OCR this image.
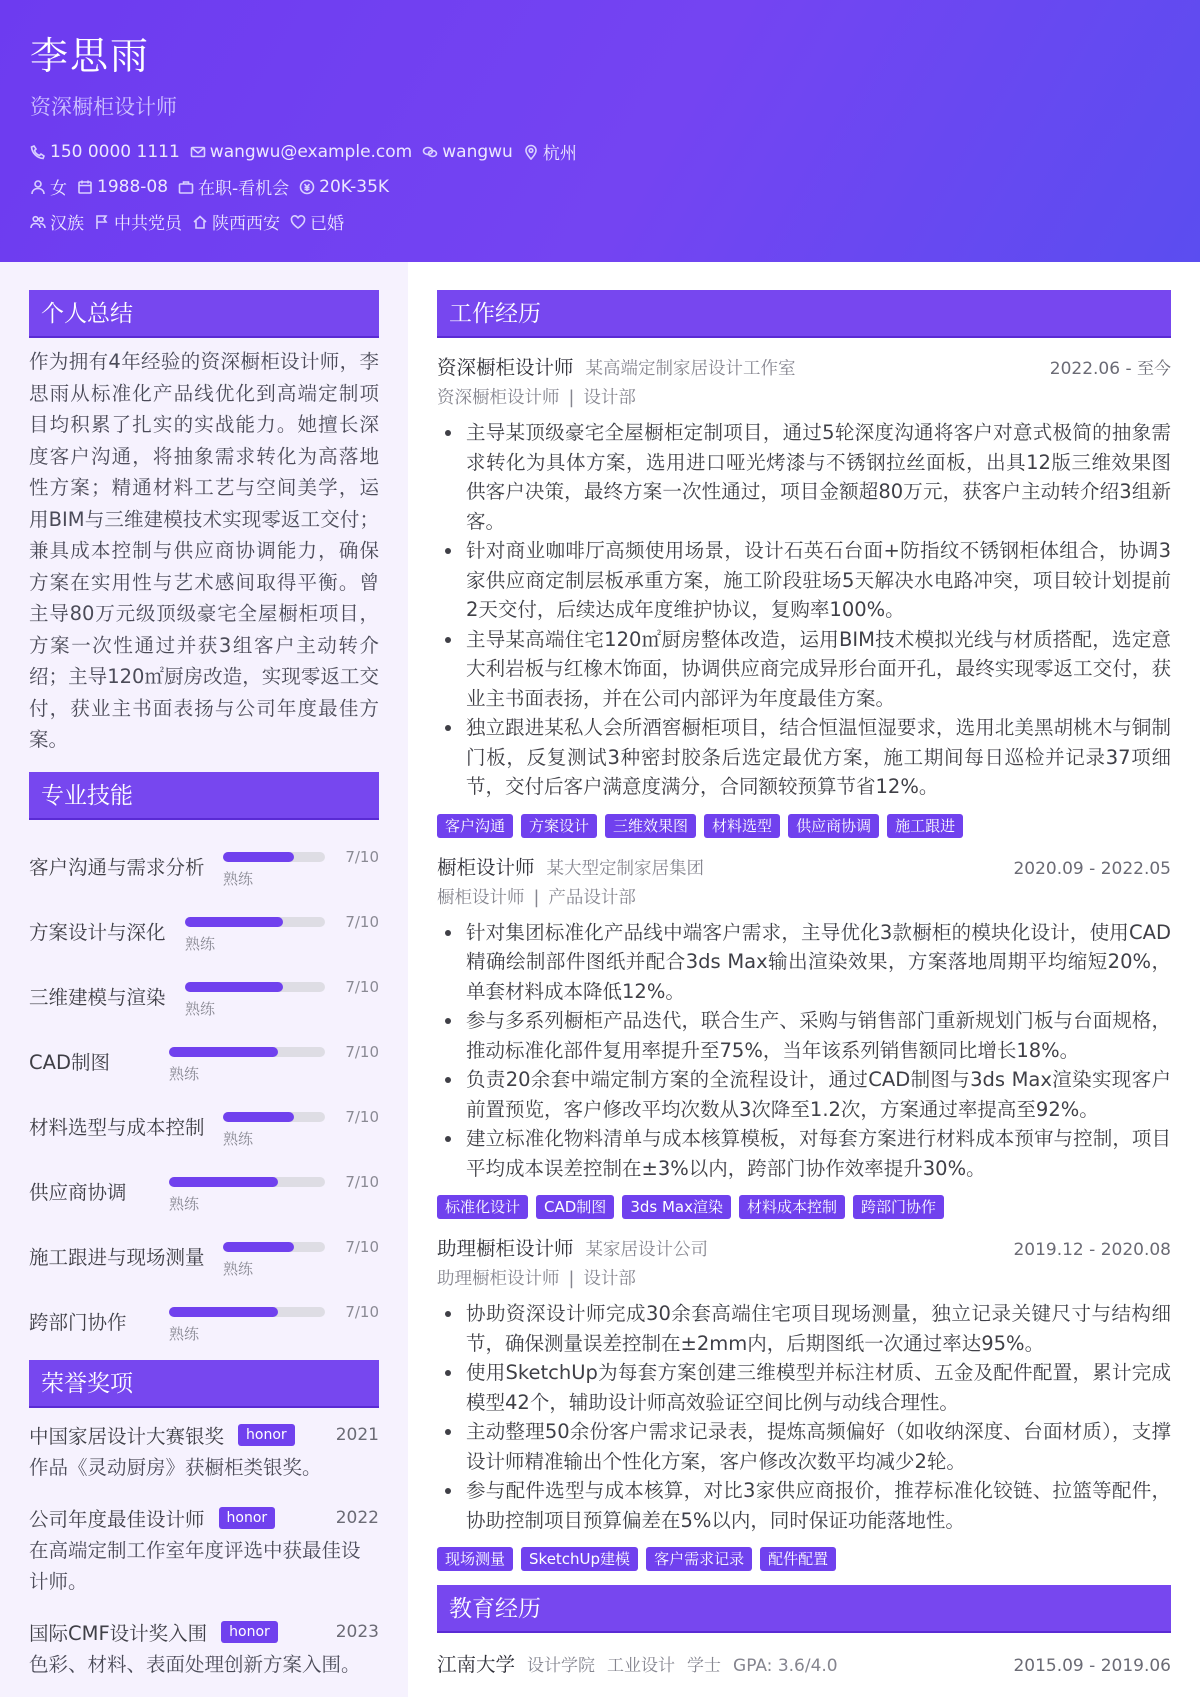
李思雨
资深橱柜设计师
150 0000 1111 wangwu@example.com wangwu 杭州
女 1988-08 在职-看机会 20K-35K
汉族 中共党员 陕西西安 已婚
个人总结
作为拥有4年经验的资深橱柜设计师，李思雨从标准化产品线优化到高端定制项目均积累了扎实的实战能力。她擅长深度客户沟通，将抽象需求转化为高落地性方案；精通材料工艺与空间美学，运用BIM与三维建模技术实现零返工交付；兼具成本控制与供应商协调能力，确保方案在实用性与艺术感间取得平衡。曾主导80万元级顶级豪宅全屋橱柜项目，方案一次性通过并获3组客户主动转介绍；主导120㎡厨房改造，实现零返工交付，获业主书面表扬与公司年度最佳方案。
专业技能
客户沟通与需求分析 熟练
7/10
方案设计与深化 熟练
7/10
三维建模与渲染 熟练
7/10
CAD制图	熟练
7/10
材料选型与成本控制 熟练
7/10
供应商协调	熟练
7/10
施工跟进与现场测量 熟练
7/10
跨部门协作	熟练
7/10
荣誉奖项
中国家居设计大赛银奖	honor	2021
作品《灵动厨房》获橱柜类银奖。
公司年度最佳设计师	honor	2022
在高端定制工作室年度评选中获最佳设计师。
国际CMF设计奖入围	honor	2023
色彩、材料、表面处理创新方案入围。
工作经历
资深橱柜设计师 某高端定制家居设计工作室	2022.06 - 至今
资深橱柜设计师 | 设计部
主导某顶级豪宅全屋橱柜定制项目，通过5轮深度沟通将客户对意式极简的抽象需求转化为具体方案，选用进口哑光烤漆与不锈钢拉丝面板，出具12版三维效果图供客户决策，最终方案一次性通过，项目金额超80万元，获客户主动转介绍3组新客。
针对商业咖啡厅高频使用场景，设计石英石台面+防指纹不锈钢柜体组合，协调3家供应商定制层板承重方案，施工阶段驻场5天解决水电路冲突，项目较计划提前2天交付，后续达成年度维护协议，复购率100%。
主导某高端住宅120㎡厨房整体改造，运用BIM技术模拟光线与材质搭配，选定意大利岩板与红橡木饰面，协调供应商完成异形台面开孔，最终实现零返工交付，获业主书面表扬，并在公司内部评为年度最佳方案。
独立跟进某私人会所酒窖橱柜项目，结合恒温恒湿要求，选用北美黑胡桃木与铜制门板，反复测试3种密封胶条后选定最优方案，施工期间每日巡检并记录37项细节，交付后客户满意度满分，合同额较预算节省12%。
客户沟通	方案设计	三维效果图	材料选型	供应商协调	施工跟进
橱柜设计师 某大型定制家居集团	2020.09 - 2022.05
橱柜设计师 | 产品设计部
针对集团标准化产品线中端客户需求，主导优化3款橱柜的模块化设计，使用CAD精确绘制部件图纸并配合3ds Max输出渲染效果，方案落地周期平均缩短20%，单套材料成本降低12%。
参与多系列橱柜产品迭代，联合生产、采购与销售部门重新规划门板与台面规格，推动标准化部件复用率提升至75%，当年该系列销售额同比增长18%。
负责20余套中端定制方案的全流程设计，通过CAD制图与3ds Max渲染实现客户前置预览，客户修改平均次数从3次降至1.2次，方案通过率提高至92%。
建立标准化物料清单与成本核算模板，对每套方案进行材料成本预审与控制，项目平均成本误差控制在±3%以内，跨部门协作效率提升30%。
标准化设计	CAD制图	3ds Max渲染	材料成本控制	跨部门协作
助理橱柜设计师 某家居设计公司	2019.12 - 2020.08
助理橱柜设计师 | 设计部
协助资深设计师完成30余套高端住宅项目现场测量，独立记录关键尺寸与结构细节，确保测量误差控制在±2mm内，后期图纸一次通过率达95%。
使用SketchUp为每套方案创建三维模型并标注材质、五金及配件配置，累计完成模型42个，辅助设计师高效验证空间比例与动线合理性。
主动整理50余份客户需求记录表，提炼高频偏好（如收纳深度、台面材质），支撑设计师精准输出个性化方案，客户修改次数平均减少2轮。
参与配件选型与成本核算，对比3家供应商报价，推荐标准化铰链、拉篮等配件，协助控制项目预算偏差在5%以内，同时保证功能落地性。
现场测量	SketchUp建模	客户需求记录	配件配置
教育经历
江南大学 设计学院 工业设计 学士 GPA: 3.6/4.0	2015.09 - 2019.06
